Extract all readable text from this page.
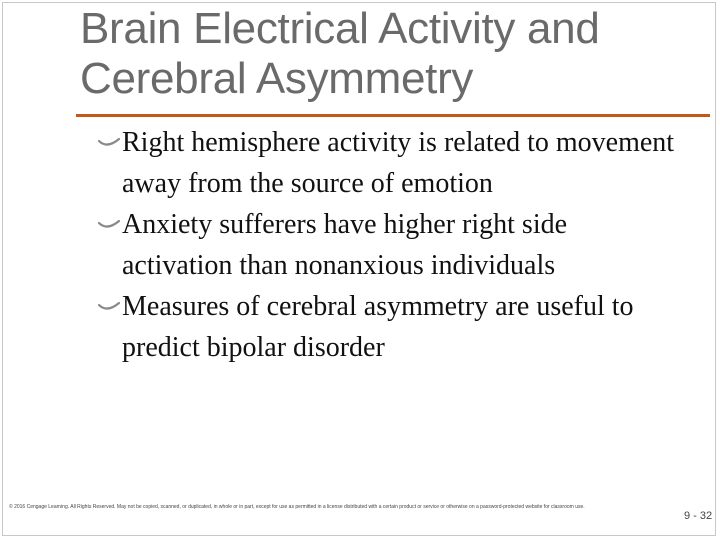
Brain Electrical Activity and
Cerebral Asymmetry
Right hemisphere activity is related to movement away from the source of emotion
Anxiety sufferers have higher right side activation than nonanxious individuals
Measures of cerebral asymmetry are useful to predict bipolar disorder
© 2016 Cengage Learning. All Rights Reserved. May not be copied, scanned, or duplicated, in whole or in part, except for use as permitted in a license distributed with a certain product or service or otherwise on a password-protected website for classroom use.
9 - 32
